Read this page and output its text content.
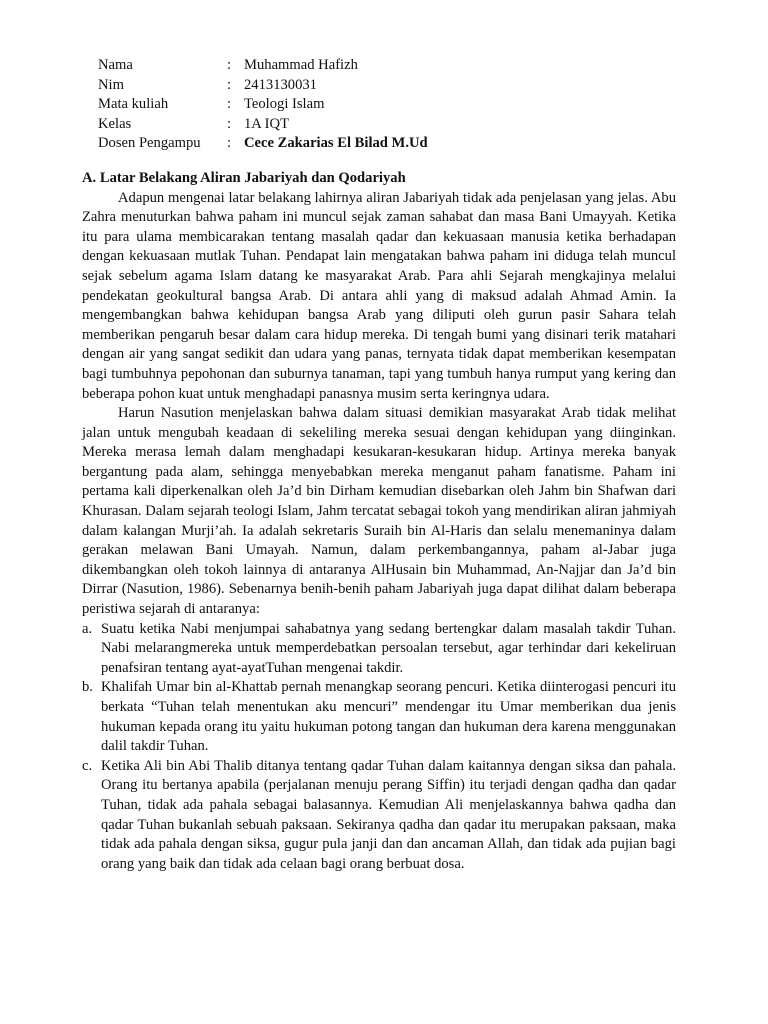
Nama	: Muhammad Hafizh
Nim	: 2413130031
Mata kuliah	: Teologi Islam
Kelas	: 1A IQT
Dosen Pengampu	: Cece Zakarias El Bilad M.Ud
A. Latar Belakang Aliran Jabariyah dan Qodariyah

Adapun mengenai latar belakang lahirnya aliran Jabariyah tidak ada penjelasan yang jelas. Abu Zahra menuturkan bahwa paham ini muncul sejak zaman sahabat dan masa Bani Umayyah. Ketika itu para ulama membicarakan tentang masalah qadar dan kekuasaan manusia ketika berhadapan dengan kekuasaan mutlak Tuhan. Pendapat lain mengatakan bahwa paham ini diduga telah muncul sejak sebelum agama Islam datang ke masyarakat Arab. Para ahli Sejarah mengkajinya melalui pendekatan geokultural bangsa Arab. Di antara ahli yang di maksud adalah Ahmad Amin. Ia mengembangkan bahwa kehidupan bangsa Arab yang diliputi oleh gurun pasir Sahara telah memberikan pengaruh besar dalam cara hidup mereka. Di tengah bumi yang disinari terik matahari dengan air yang sangat sedikit dan udara yang panas, ternyata tidak dapat memberikan kesempatan bagi tumbuhnya pepohonan dan suburnya tanaman, tapi yang tumbuh hanya rumput yang kering dan beberapa pohon kuat untuk menghadapi panasnya musim serta keringnya udara.

Harun Nasution menjelaskan bahwa dalam situasi demikian masyarakat Arab tidak melihat jalan untuk mengubah keadaan di sekeliling mereka sesuai dengan kehidupan yang diinginkan. Mereka merasa lemah dalam menghadapi kesukaran-kesukaran hidup. Artinya mereka banyak bergantung pada alam, sehingga menyebabkan mereka menganut paham fanatisme. Paham ini pertama kali diperkenalkan oleh Ja’d bin Dirham kemudian disebarkan oleh Jahm bin Shafwan dari Khurasan. Dalam sejarah teologi Islam, Jahm tercatat sebagai tokoh yang mendirikan aliran jahmiyah dalam kalangan Murji’ah. Ia adalah sekretaris Suraih bin Al-Haris dan selalu menemaninya dalam gerakan melawan Bani Umayah. Namun, dalam perkembangannya, paham al-Jabar juga dikembangkan oleh tokoh lainnya di antaranya AlHusain bin Muhammad, An-Najjar dan Ja’d bin Dirrar (Nasution, 1986). Sebenarnya benih-benih paham Jabariyah juga dapat dilihat dalam beberapa peristiwa sejarah di antaranya:

a. Suatu ketika Nabi menjumpai sahabatnya yang sedang bertengkar dalam masalah takdir Tuhan. Nabi melarangmereka untuk memperdebatkan persoalan tersebut, agar terhindar dari kekeliruan penafsiran tentang ayat-ayatTuhan mengenai takdir.
b. Khalifah Umar bin al-Khattab pernah menangkap seorang pencuri. Ketika diinterogasi pencuri itu berkata “Tuhan telah menentukan aku mencuri” mendengar itu Umar memberikan dua jenis hukuman kepada orang itu yaitu hukuman potong tangan dan hukuman dera karena menggunakan dalil takdir Tuhan.
c. Ketika Ali bin Abi Thalib ditanya tentang qadar Tuhan dalam kaitannya dengan siksa dan pahala. Orang itu bertanya apabila (perjalanan menuju perang Siffin) itu terjadi dengan qadha dan qadar Tuhan, tidak ada pahala sebagai balasannya. Kemudian Ali menjelaskannya bahwa qadha dan qadar Tuhan bukanlah sebuah paksaan. Sekiranya qadha dan qadar itu merupakan paksaan, maka tidak ada pahala dengan siksa, gugur pula janji dan dan ancaman Allah, dan tidak ada pujian bagi orang yang baik dan tidak ada celaan bagi orang berbuat dosa.
